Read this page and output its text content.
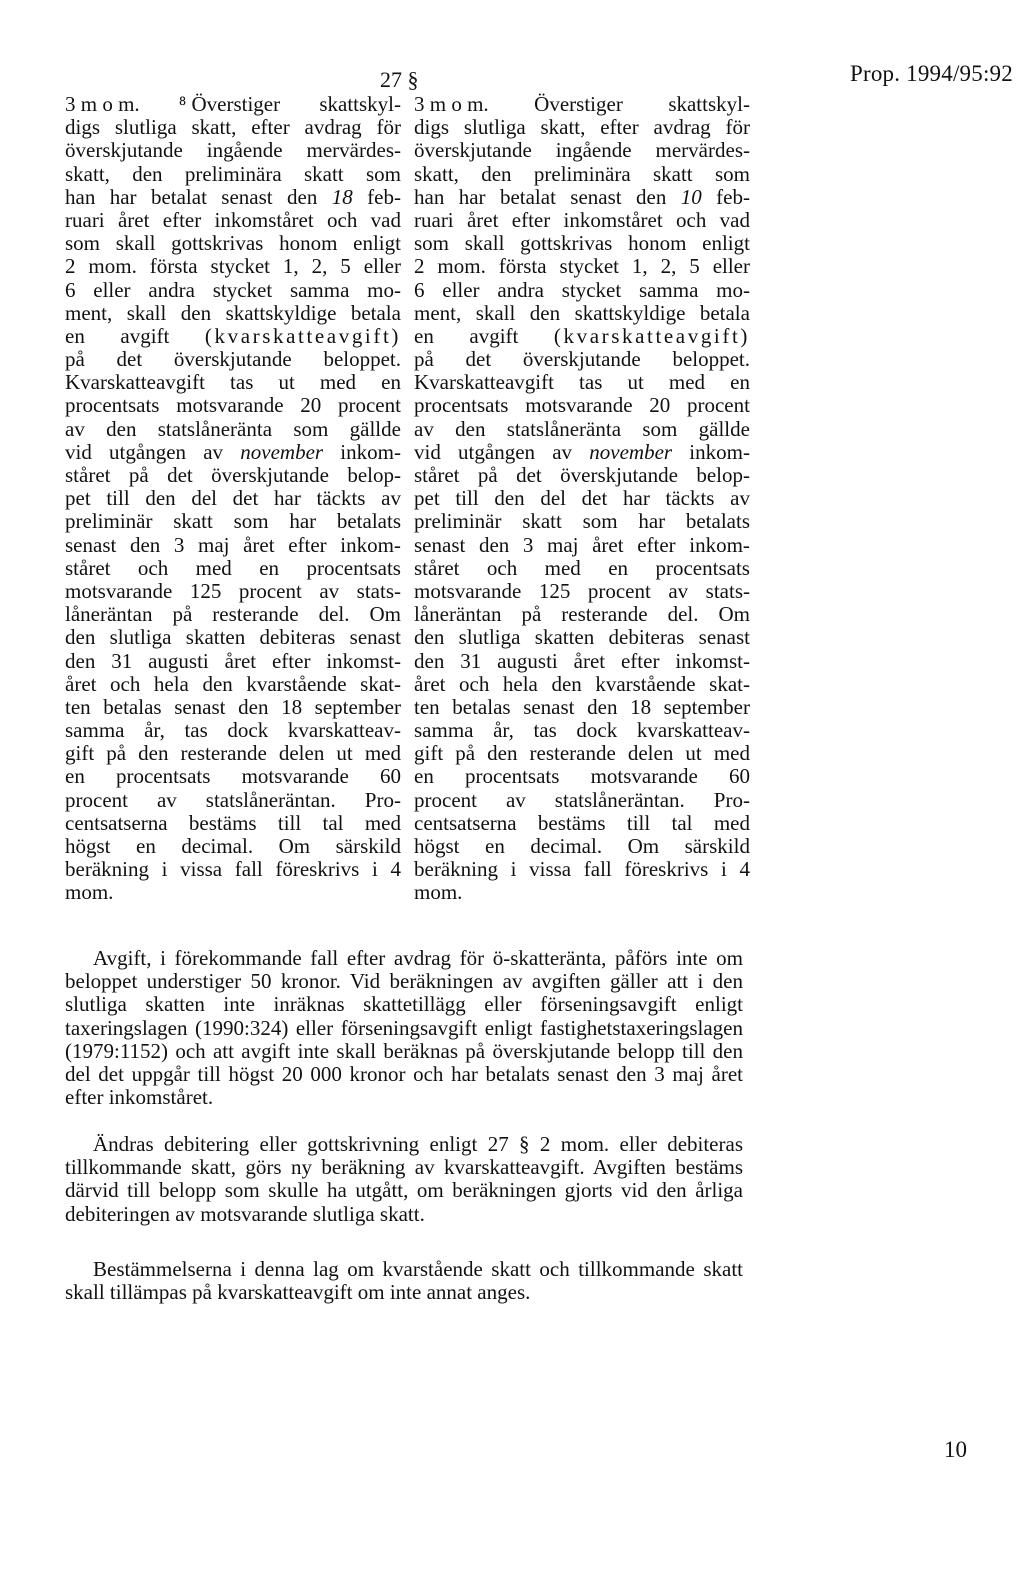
Prop. 1994/95:92
27 §
3 m o m. ⁸ Överstiger skattskyl-
digs slutliga skatt, efter avdrag för
överskjutande ingående mervärdes-
skatt, den preliminära skatt som
han har betalat senast den 18 feb-
ruari året efter inkomståret och vad
som skall gottskrivas honom enligt
2 mom. första stycket 1, 2, 5 eller
6 eller andra stycket samma mo-
ment, skall den skattskyldige betala
en avgift (kvarskatteavgift)
på det överskjutande beloppet.
Kvarskatteavgift tas ut med en
procentsats motsvarande 20 procent
av den statslåneränta som gällde
vid utgången av november inkom-
ståret på det överskjutande belop-
pet till den del det har täckts av
preliminär skatt som har betalats
senast den 3 maj året efter inkom-
ståret och med en procentsats
motsvarande 125 procent av stats-
låneräntan på resterande del. Om
den slutliga skatten debiteras senast
den 31 augusti året efter inkomst-
året och hela den kvarstående skat-
ten betalas senast den 18 september
samma år, tas dock kvarskatteav-
gift på den resterande delen ut med
en procentsats motsvarande 60
procent av statslåneräntan. Pro-
centsatserna bestäms till tal med
högst en decimal. Om särskild
beräkning i vissa fall föreskrivs i 4
mom.
3 m o m. Överstiger skattskyl-
digs slutliga skatt, efter avdrag för
överskjutande ingående mervärdes-
skatt, den preliminära skatt som
han har betalat senast den 10 feb-
ruari året efter inkomståret och vad
som skall gottskrivas honom enligt
2 mom. första stycket 1, 2, 5 eller
6 eller andra stycket samma mo-
ment, skall den skattskyldige betala
en avgift (kvarskatteavgift)
på det överskjutande beloppet.
Kvarskatteavgift tas ut med en
procentsats motsvarande 20 procent
av den statslåneränta som gällde
vid utgången av november inkom-
ståret på det överskjutande belop-
pet till den del det har täckts av
preliminär skatt som har betalats
senast den 3 maj året efter inkom-
ståret och med en procentsats
motsvarande 125 procent av stats-
låneräntan på resterande del. Om
den slutliga skatten debiteras senast
den 31 augusti året efter inkomst-
året och hela den kvarstående skat-
ten betalas senast den 18 september
samma år, tas dock kvarskatteav-
gift på den resterande delen ut med
en procentsats motsvarande 60
procent av statslåneräntan. Pro-
centsatserna bestäms till tal med
högst en decimal. Om särskild
beräkning i vissa fall föreskrivs i 4
mom.
Avgift, i förekommande fall efter avdrag för ö-skatteränta, påförs inte om beloppet understiger 50 kronor. Vid beräkningen av avgiften gäller att i den slutliga skatten inte inräknas skattetillägg eller förseningsavgift enligt taxeringslagen (1990:324) eller förseningsavgift enligt fastighetstaxeringslagen (1979:1152) och att avgift inte skall beräknas på överskjutande belopp till den del det uppgår till högst 20 000 kronor och har betalats senast den 3 maj året efter inkomståret.
Ändras debitering eller gottskrivning enligt 27 § 2 mom. eller debiteras tillkommande skatt, görs ny beräkning av kvarskatteavgift. Avgiften bestäms därvid till belopp som skulle ha utgått, om beräkningen gjorts vid den årliga debiteringen av motsvarande slutliga skatt.
Bestämmelserna i denna lag om kvarstående skatt och tillkommande skatt skall tillämpas på kvarskatteavgift om inte annat anges.
10
